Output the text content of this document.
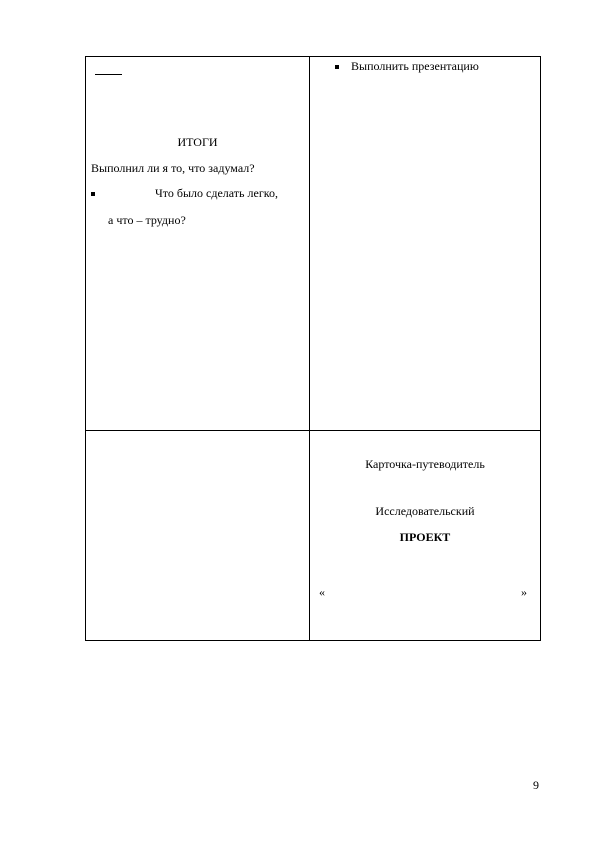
ИТОГИ
Выполнил ли я то, что задумал?
Что было сделать легко,
а что – трудно?
Выполнить презентацию
Карточка-путеводитель
Исследовательский
ПРОЕКТ
«	»
9
